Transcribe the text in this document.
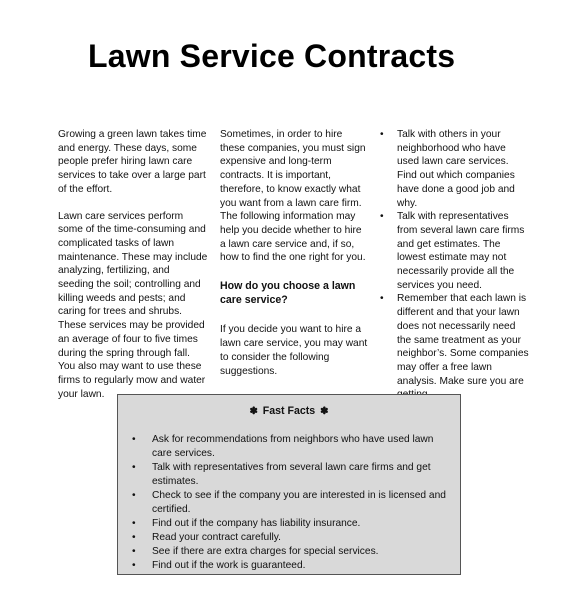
Lawn Service Contracts

Growing a green lawn takes time and energy. These days, some people prefer hiring lawn care services to take over a large part of the effort.

Lawn care services perform some of the time-consuming and complicated tasks of lawn maintenance. These may include analyzing, fertilizing, and seeding the soil; controlling and killing weeds and pests; and caring for trees and shrubs. These services may be provided an average of four to five times during the spring through fall. You also may want to use these firms to regularly mow and water your lawn.

Sometimes, in order to hire these companies, you must sign expensive and long-term contracts. It is important, therefore, to know exactly what you want from a lawn care firm. The following information may help you decide whether to hire a lawn care service and, if so, how to find the one right for you.

How do you choose a lawn care service?

If you decide you want to hire a lawn care service, you may want to consider the following suggestions.

• Talk with others in your neighborhood who have used lawn care services. Find out which companies have done a good job and why.
• Talk with representatives from several lawn care firms and get estimates. The lowest estimate may not necessarily provide all the services you need.
• Remember that each lawn is different and that your lawn does not necessarily need the same treatment as your neighbor’s. Some companies may offer a free lawn analysis. Make sure you are
✽ Fast Facts ✽
• Ask for recommendations from neighbors who have used lawn care services.
• Talk with representatives from several lawn care firms and get estimates.
• Check to see if the company you are interested in is licensed and certified.
• Find out if the company has liability insurance.
• Read your contract carefully.
• See if there are extra charges for special services.
• Find out if the work is guaranteed.
